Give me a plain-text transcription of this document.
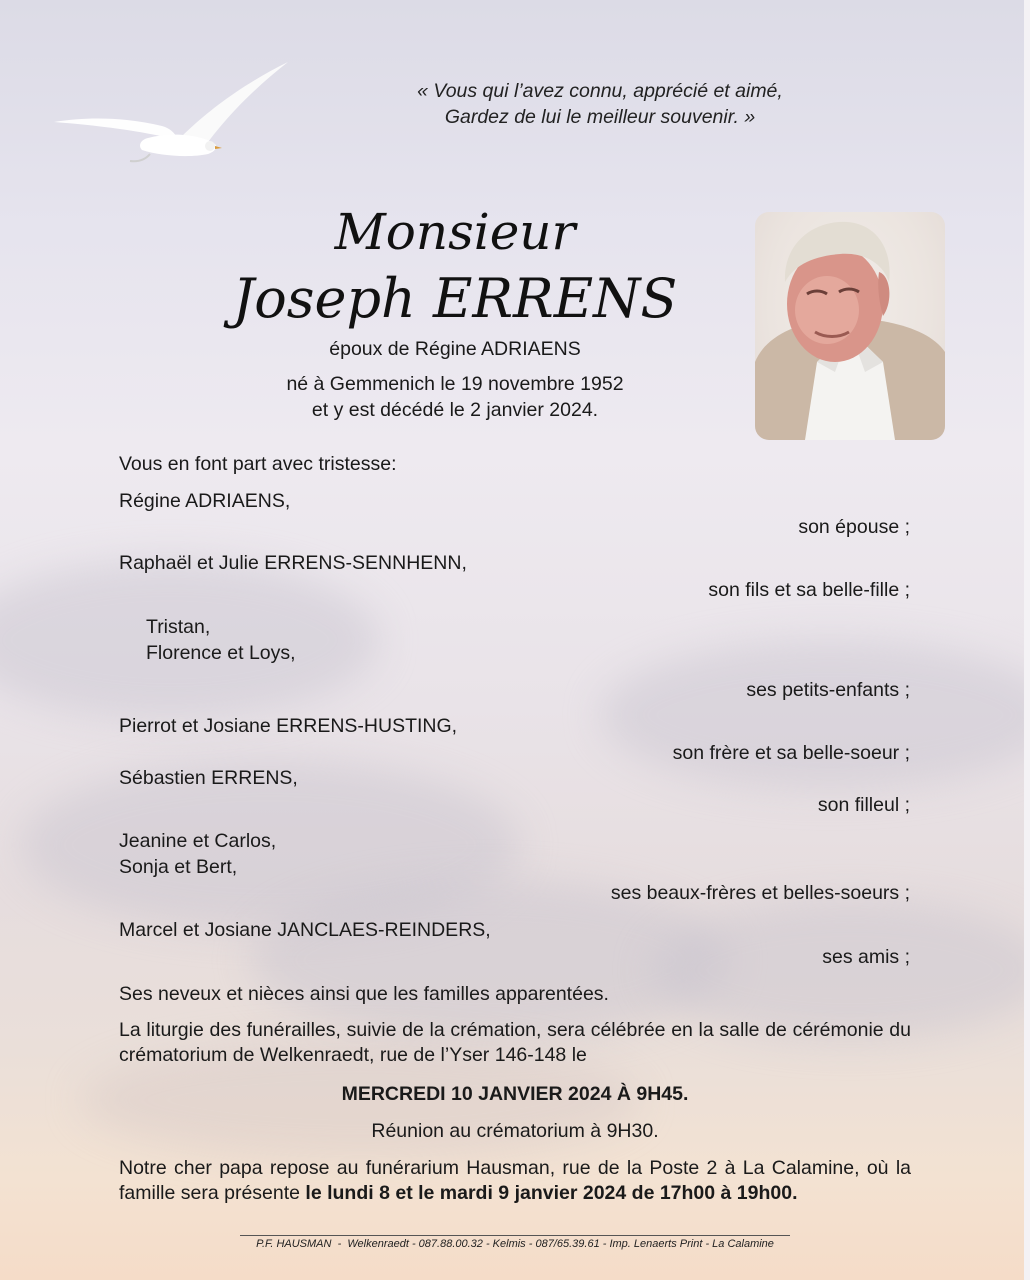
« Vous qui l’avez connu, apprécié et aimé,
Gardez de lui le meilleur souvenir. »
Monsieur
Joseph ERRENS
époux de Régine ADRIAENS
né à Gemmenich le 19 novembre 1952
et y est décédé le 2 janvier 2024.
Vous en font part avec tristesse:
Régine ADRIAENS,
son épouse ;
Raphaël et Julie ERRENS-SENNHENN,
son fils et sa belle-fille ;
Tristan,
Florence et Loys,
ses petits-enfants ;
Pierrot et Josiane ERRENS-HUSTING,
son frère et sa belle-soeur ;
Sébastien ERRENS,
son filleul ;
Jeanine et Carlos,
Sonja et Bert,
ses beaux-frères et belles-soeurs ;
Marcel et Josiane JANCLAES-REINDERS,
ses amis ;
Ses neveux et nièces ainsi que les familles apparentées.
La liturgie des funérailles, suivie de la crémation, sera célébrée en la salle de cérémonie du crématorium de Welkenraedt, rue de l’Yser 146-148 le
MERCREDI 10 JANVIER 2024 À 9H45.
Réunion au crématorium à 9H30.
Notre cher papa repose au funérarium Hausman, rue de la Poste 2 à La Calamine, où la famille sera présente le lundi 8 et le mardi 9 janvier 2024 de 17h00 à 19h00.
P.F. HAUSMAN  -  Welkenraedt - 087.88.00.32 - Kelmis - 087/65.39.61 - Imp. Lenaerts Print - La Calamine
